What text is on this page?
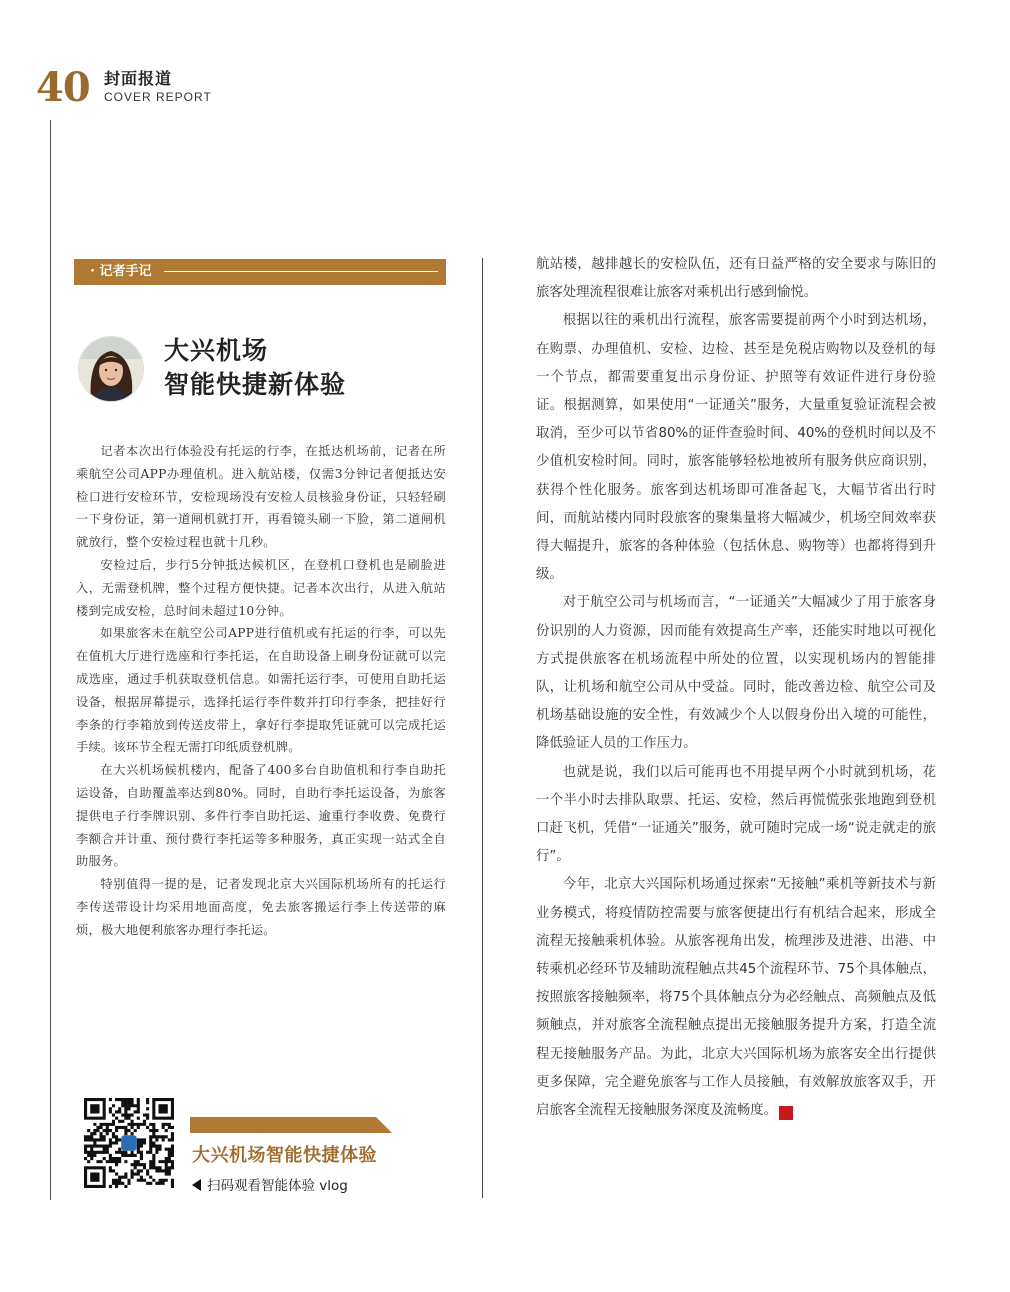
40 封面报道
COVER REPORT
· 记者手记
大兴机场
智能快捷新体验

记者本次出行体验没有托运的行李，在抵达机场前，记者在所乘航空公司APP办理值机。进入航站楼，仅需3分钟记者便抵达安检口进行安检环节，安检现场没有安检人员核验身份证，只轻轻刷一下身份证，第一道闸机就打开，再看镜头刷一下脸，第二道闸机就放行，整个安检过程也就十几秒。

安检过后，步行5分钟抵达候机区，在登机口登机也是刷脸进入，无需登机牌，整个过程方便快捷。记者本次出行，从进入航站楼到完成安检，总时间未超过10分钟。

如果旅客未在航空公司APP进行值机或有托运的行李，可以先在值机大厅进行选座和行李托运，在自助设备上刷身份证就可以完成选座，通过手机获取登机信息。如需托运行李，可使用自助托运设备，根据屏幕提示，选择托运行李件数并打印行李条，把挂好行李条的行李箱放到传送皮带上，拿好行李提取凭证就可以完成托运手续。该环节全程无需打印纸质登机牌。

在大兴机场候机楼内，配备了400多台自助值机和行李自助托运设备，自助覆盖率达到80%。同时，自助行李托运设备，为旅客提供电子行李牌识别、多件行李自助托运、逾重行李收费、免费行李额合并计重、预付费行李托运等多种服务，真正实现一站式全自助服务。

特别值得一提的是，记者发现北京大兴国际机场所有的托运行李传送带设计均采用地面高度，免去旅客搬运行李上传送带的麻烦，极大地便利旅客办理行李托运。

航站楼，越排越长的安检队伍，还有日益严格的安全要求与陈旧的旅客处理流程很难让旅客对乘机出行感到愉悦。

根据以往的乘机出行流程，旅客需要提前两个小时到达机场，在购票、办理值机、安检、边检、甚至是免税店购物以及登机的每一个节点，都需要重复出示身份证、护照等有效证件进行身份验证。根据测算，如果使用“一证通关”服务，大量重复验证流程会被取消，至少可以节省80%的证件查验时间、40%的登机时间以及不少值机安检时间。同时，旅客能够轻松地被所有服务供应商识别，获得个性化服务。旅客到达机场即可准备起飞，大幅节省出行时间，而航站楼内同时段旅客的聚集量将大幅减少，机场空间效率获得大幅提升，旅客的各种体验（包括休息、购物等）也都将得到升级。

对于航空公司与机场而言，“一证通关”大幅减少了用于旅客身份识别的人力资源，因而能有效提高生产率，还能实时地以可视化方式提供旅客在机场流程中所处的位置，以实现机场内的智能排队，让机场和航空公司从中受益。同时，能改善边检、航空公司及机场基础设施的安全性，有效减少个人以假身份出入境的可能性，降低验证人员的工作压力。

也就是说，我们以后可能再也不用提早两个小时就到机场，花一个半小时去排队取票、托运、安检，然后再慌慌张张地跑到登机口赶飞机，凭借“一证通关”服务，就可随时完成一场“说走就走的旅行”。

今年，北京大兴国际机场通过探索“无接触”乘机等新技术与新业务模式，将疫情防控需要与旅客便捷出行有机结合起来，形成全流程无接触乘机体验。从旅客视角出发，梳理涉及进港、出港、中转乘机必经环节及辅助流程触点共45个流程环节、75个具体触点，按照旅客接触频率，将75个具体触点分为必经触点、高频触点及低频触点，并对旅客全流程触点提出无接触服务提升方案，打造全流程无接触服务产品。为此，北京大兴国际机场为旅客安全出行提供更多保障，完全避免旅客与工作人员接触，有效解放旅客双手，开启旅客全流程无接触服务深度及流畅度。	S

大兴机场智能快捷体验
扫码观看智能体验 vlog
